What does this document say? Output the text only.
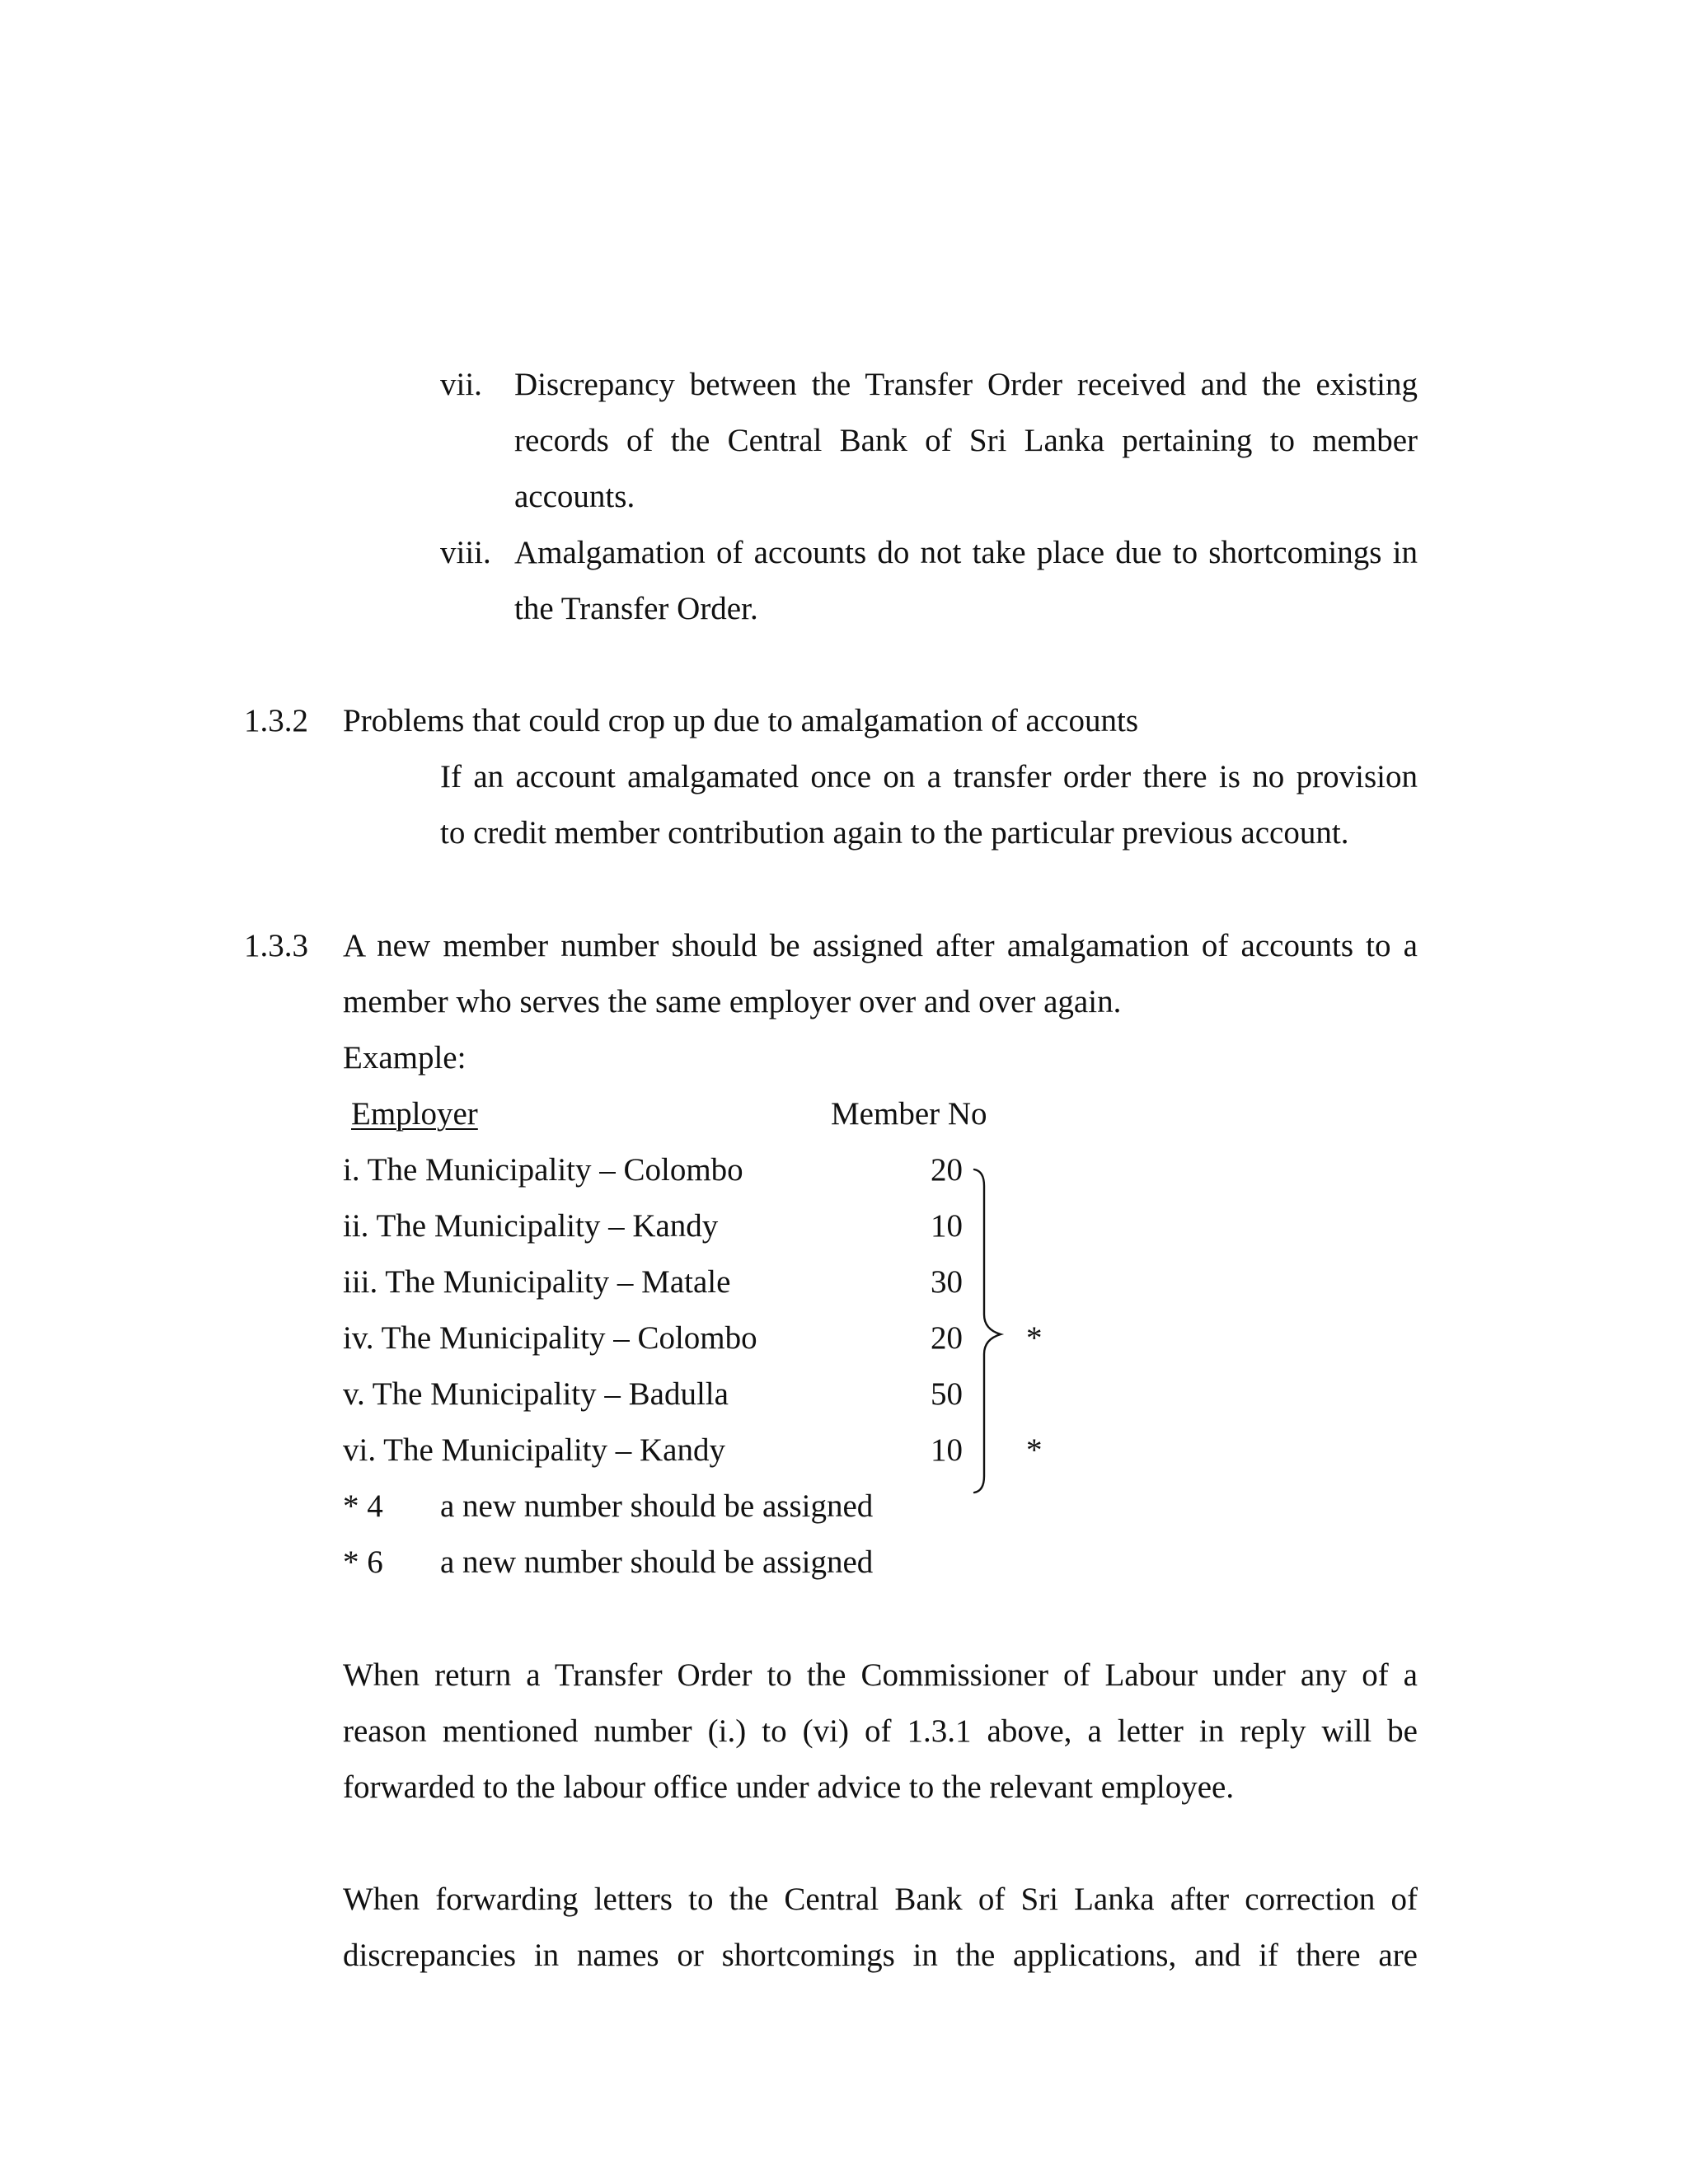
vii. Discrepancy between the Transfer Order received and the existing
records of the Central Bank of Sri Lanka pertaining to member
accounts.
viii. Amalgamation of accounts do not take place due to shortcomings in
the Transfer Order.
1.3.2 Problems that could crop up due to amalgamation of accounts
If an account amalgamated once on a transfer order there is no provision
to credit member contribution again to the particular previous account.
1.3.3 A new member number should be assigned after amalgamation of accounts to a
member who serves the same employer over and over again.
Example:
Employer	Member No
i. The Municipality – Colombo	20
ii. The Municipality – Kandy	10
iii. The Municipality – Matale	30
iv. The Municipality – Colombo	20 *
v. The Municipality – Badulla	50
vi. The Municipality – Kandy	10 *
* 4 a new number should be assigned
* 6 a new number should be assigned
When return a Transfer Order to the Commissioner of Labour under any of a
reason mentioned number (i.) to (vi) of 1.3.1 above, a letter in reply will be
forwarded to the labour office under advice to the relevant employee.
When forwarding letters to the Central Bank of Sri Lanka after correction of
discrepancies in names or shortcomings in the applications, and if there are
